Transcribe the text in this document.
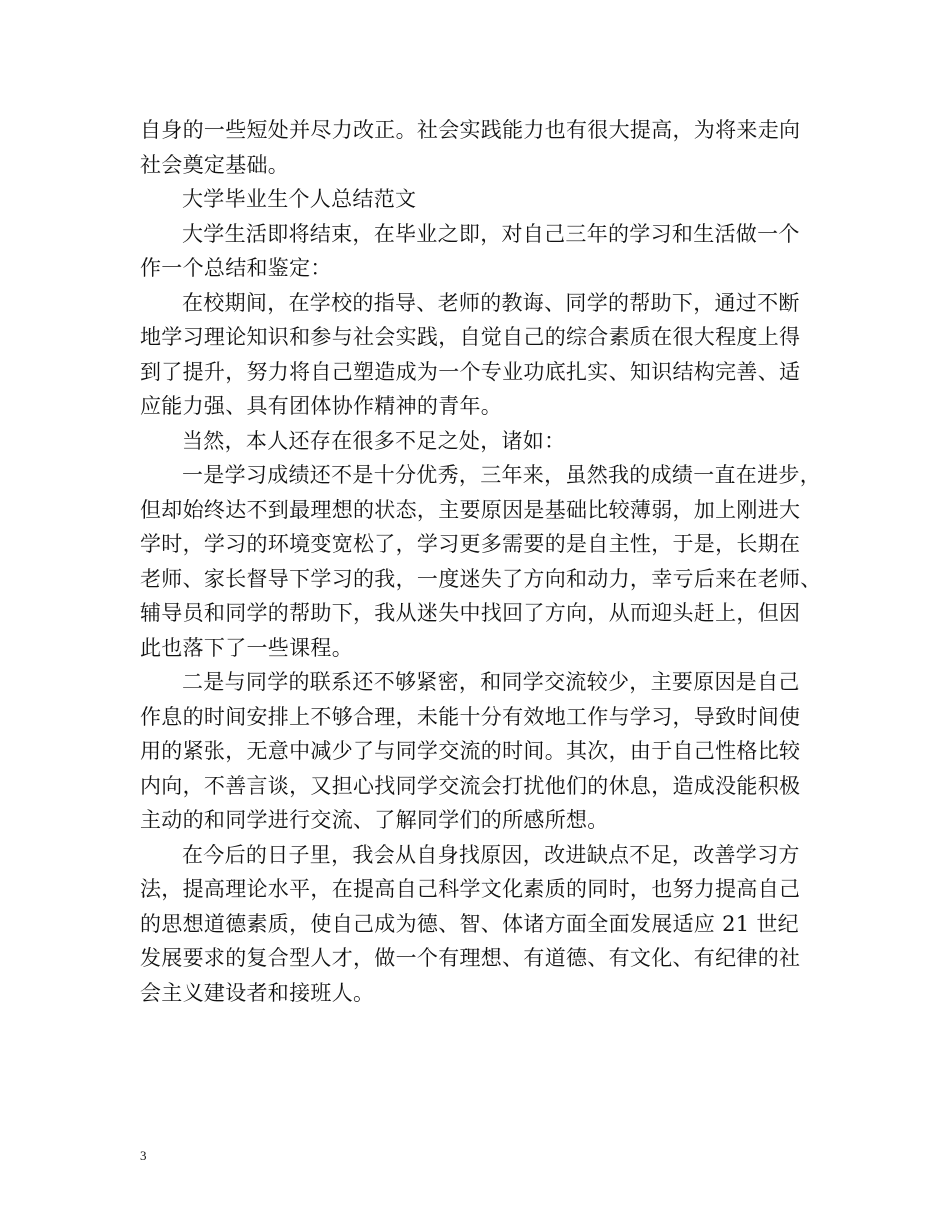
自身的一些短处并尽力改正。社会实践能力也有很大提高，为将来走向
社会奠定基础。
大学毕业生个人总结范文
大学生活即将结束，在毕业之即，对自己三年的学习和生活做一个
作一个总结和鉴定：
在校期间，在学校的指导、老师的教诲、同学的帮助下，通过不断
地学习理论知识和参与社会实践，自觉自己的综合素质在很大程度上得
到了提升，努力将自己塑造成为一个专业功底扎实、知识结构完善、适
应能力强、具有团体协作精神的青年。
当然，本人还存在很多不足之处，诸如：
一是学习成绩还不是十分优秀，三年来，虽然我的成绩一直在进步，
但却始终达不到最理想的状态，主要原因是基础比较薄弱，加上刚进大
学时，学习的环境变宽松了，学习更多需要的是自主性，于是，长期在
老师、家长督导下学习的我，一度迷失了方向和动力，幸亏后来在老师、
辅导员和同学的帮助下，我从迷失中找回了方向，从而迎头赶上，但因
此也落下了一些课程。
二是与同学的联系还不够紧密，和同学交流较少，主要原因是自己
作息的时间安排上不够合理，未能十分有效地工作与学习，导致时间使
用的紧张，无意中减少了与同学交流的时间。其次，由于自己性格比较
内向，不善言谈，又担心找同学交流会打扰他们的休息，造成没能积极
主动的和同学进行交流、了解同学们的所感所想。
在今后的日子里，我会从自身找原因，改进缺点不足，改善学习方
法，提高理论水平，在提高自己科学文化素质的同时，也努力提高自己
的思想道德素质，使自己成为德、智、体诸方面全面发展适应 21 世纪
发展要求的复合型人才，做一个有理想、有道德、有文化、有纪律的社
会主义建设者和接班人。
3
